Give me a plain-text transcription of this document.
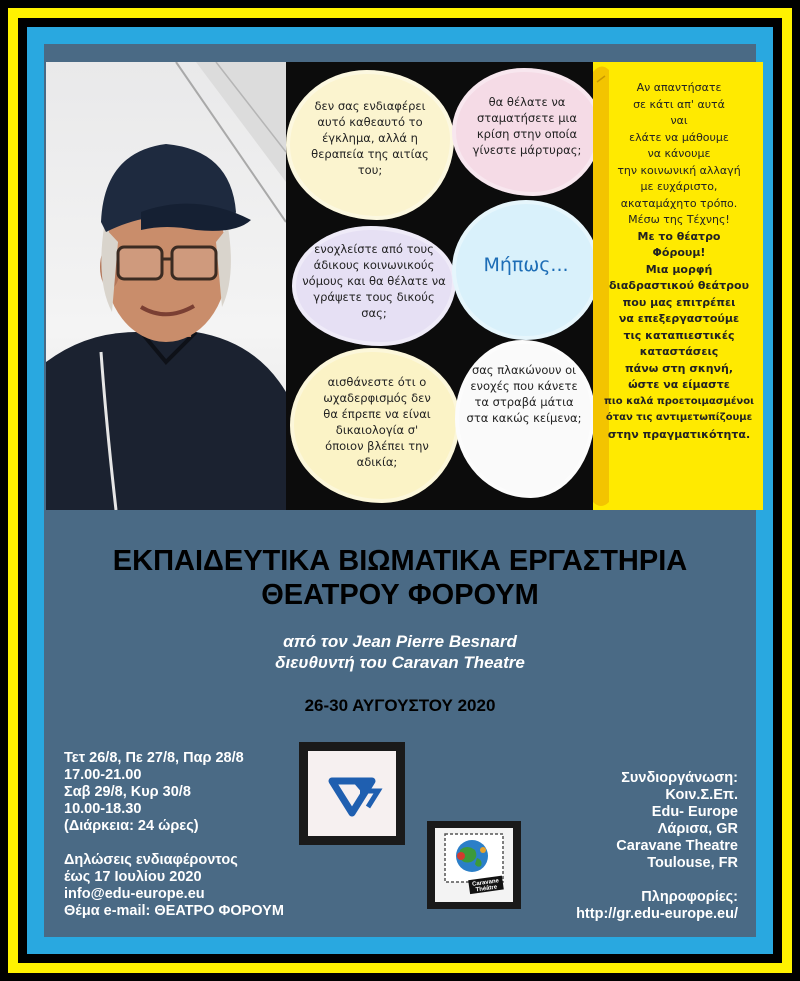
δεν σας ενδιαφέρει αυτό καθεαυτό το έγκλημα, αλλά η θεραπεία της αιτίας του;
θα θέλατε να σταματήσετε μια κρίση στην οποία γίνεστε μάρτυρας;
ενοχλείστε από τους άδικους κοινωνικούς νόμους και θα θέλατε να γράψετε τους δικούς σας;
Μήπως...
αισθάνεστε ότι ο ωχαδερφισμός δεν θα έπρεπε να είναι δικαιολογία σ' όποιον βλέπει την αδικία;
σας πλακώνουν οι ενοχές που κάνετε τα στραβά μάτια στα κακώς κείμενα;
Αν απαντήσατε
σε κάτι απ' αυτά
ναι
ελάτε να μάθουμε
να κάνουμε
την κοινωνική αλλαγή
με ευχάριστο,
ακαταμάχητο τρόπο.
Μέσω της Τέχνης!
Με το θέατρο
Φόρουμ!
Μια μορφή
διαδραστικού θεάτρου
που μας επιτρέπει
να επεξεργαστούμε
τις καταπιεστικές
καταστάσεις
πάνω στη σκηνή,
ώστε να είμαστε
πιο καλά προετοιμασμένοι
όταν τις αντιμετωπίζουμε
στην πραγματικότητα.
ΕΚΠΑΙΔΕΥΤΙΚΑ ΒΙΩΜΑΤΙΚΑ ΕΡΓΑΣΤΗΡΙΑ
ΘΕΑΤΡΟΥ ΦΟΡΟΥΜ
από τον Jean Pierre Besnard
διευθυντή του Caravan Theatre
26-30 ΑΥΓΟΥΣΤΟΥ 2020
Τετ 26/8, Πε 27/8, Παρ 28/8
17.00-21.00
Σαβ 29/8, Κυρ 30/8
10.00-18.30
(Διάρκεια: 24 ώρες)
Δηλώσεις ενδιαφέροντος
έως 17 Ιουλίου 2020
info@edu-europe.eu
Θέμα e-mail: ΘΕΑΤΡΟ ΦΟΡΟΥΜ
Caravane Théâtre
Συνδιοργάνωση:
Κοιν.Σ.Επ.
Edu- Europe
Λάρισα, GR
Caravane Theatre
Toulouse, FR
Πληροφορίες:
http://gr.edu-europe.eu/
